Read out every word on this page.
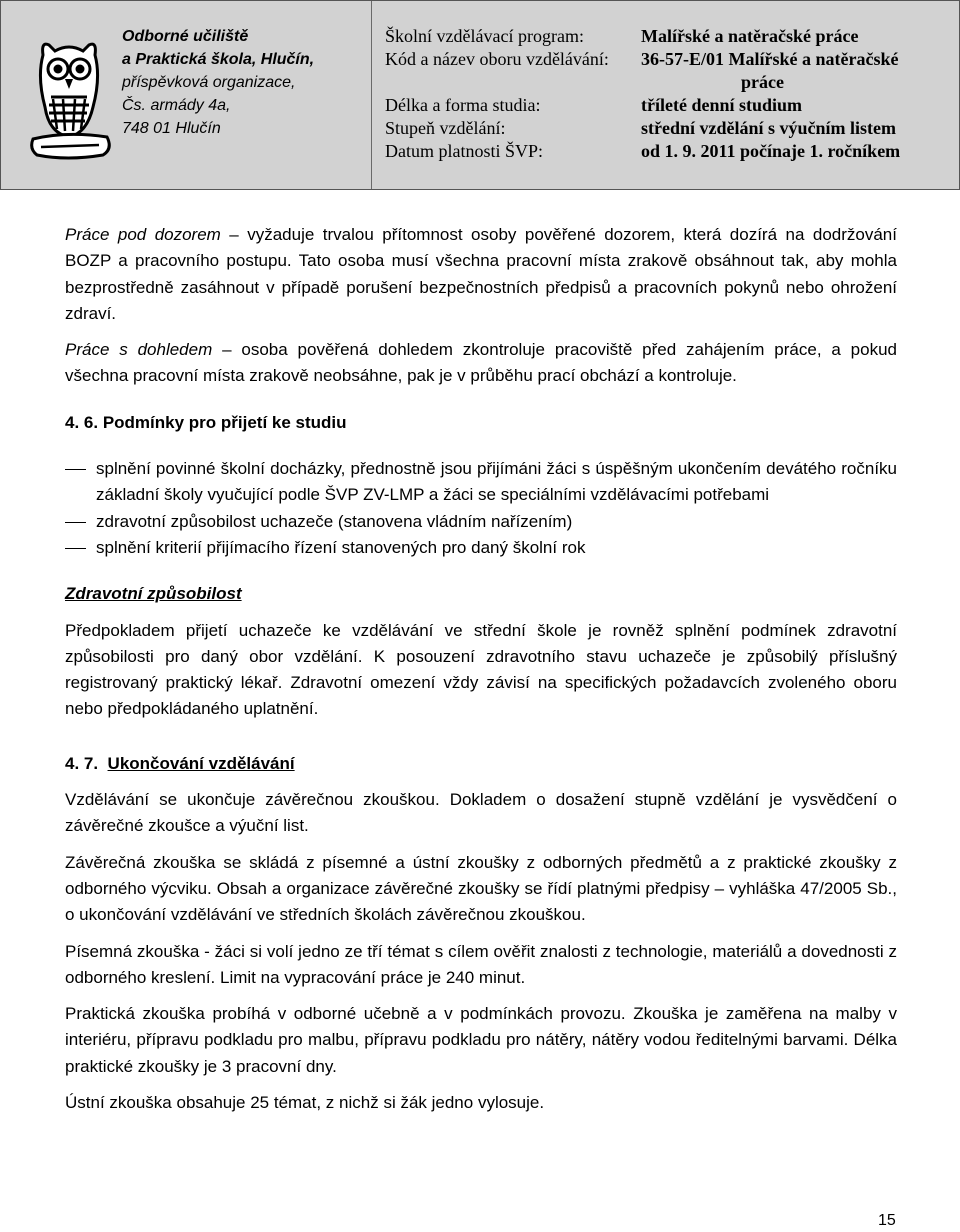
Odborné učiliště
a Praktická škola, Hlučín,
příspěvková organizace,
Čs. armády 4a,
748 01 Hlučín
Školní vzdělávací program:	Malířské a natěračské práce
Kód a název oboru vzdělávání:	36-57-E/01 Malířské a natěračské
práce
Délka a forma studia:	tříleté denní studium
Stupeň vzdělání:	střední vzdělání s výučním listem
Datum platnosti ŠVP:	od 1. 9. 2011 počínaje 1. ročníkem

Práce pod dozorem – vyžaduje trvalou přítomnost osoby pověřené dozorem, která dozírá na dodržování BOZP a pracovního postupu. Tato osoba musí všechna pracovní místa zrakově obsáhnout tak, aby mohla bezprostředně zasáhnout v případě porušení bezpečnostních předpisů a pracovních pokynů nebo ohrožení zdraví.

Práce s dohledem – osoba pověřená dohledem zkontroluje pracoviště před zahájením práce, a pokud všechna pracovní místa zrakově neobsáhne, pak je v průběhu prací obchází a kontroluje.

4. 6. Podmínky pro přijetí ke studiu

splnění povinné školní docházky, přednostně jsou přijímáni žáci s úspěšným ukončením devátého ročníku základní školy vyučující podle ŠVP ZV-LMP a žáci se speciálními vzdělávacími potřebami
zdravotní způsobilost uchazeče (stanovena vládním nařízením)
splnění kriterií přijímacího řízení stanovených pro daný školní rok

Zdravotní způsobilost

Předpokladem přijetí uchazeče ke vzdělávání ve střední škole je rovněž splnění podmínek zdravotní způsobilosti pro daný obor vzdělání. K posouzení zdravotního stavu uchazeče je způsobilý příslušný registrovaný praktický lékař. Zdravotní omezení vždy závisí na specifických požadavcích zvoleného oboru nebo předpokládaného uplatnění.

4. 7. Ukončování vzdělávání

Vzdělávání se ukončuje závěrečnou zkouškou. Dokladem o dosažení stupně vzdělání je vysvědčení o závěrečné zkoušce a výuční list.

Závěrečná zkouška se skládá z písemné a ústní zkoušky z odborných předmětů a z praktické zkoušky z odborného výcviku. Obsah a organizace závěrečné zkoušky se řídí platnými předpisy – vyhláška 47/2005 Sb., o ukončování vzdělávání ve středních školách závěrečnou zkouškou.

Písemná zkouška - žáci si volí jedno ze tří témat s cílem ověřit znalosti z technologie, materiálů a dovednosti z odborného kreslení. Limit na vypracování práce je 240 minut.

Praktická zkouška probíhá v odborné učebně a v podmínkách provozu. Zkouška je zaměřena na malby v interiéru, přípravu podkladu pro malbu, přípravu podkladu pro nátěry, nátěry vodou ředitelnými barvami. Délka praktické zkoušky je 3 pracovní dny.

Ústní zkouška obsahuje 25 témat, z nichž si žák jedno vylosuje.

15
